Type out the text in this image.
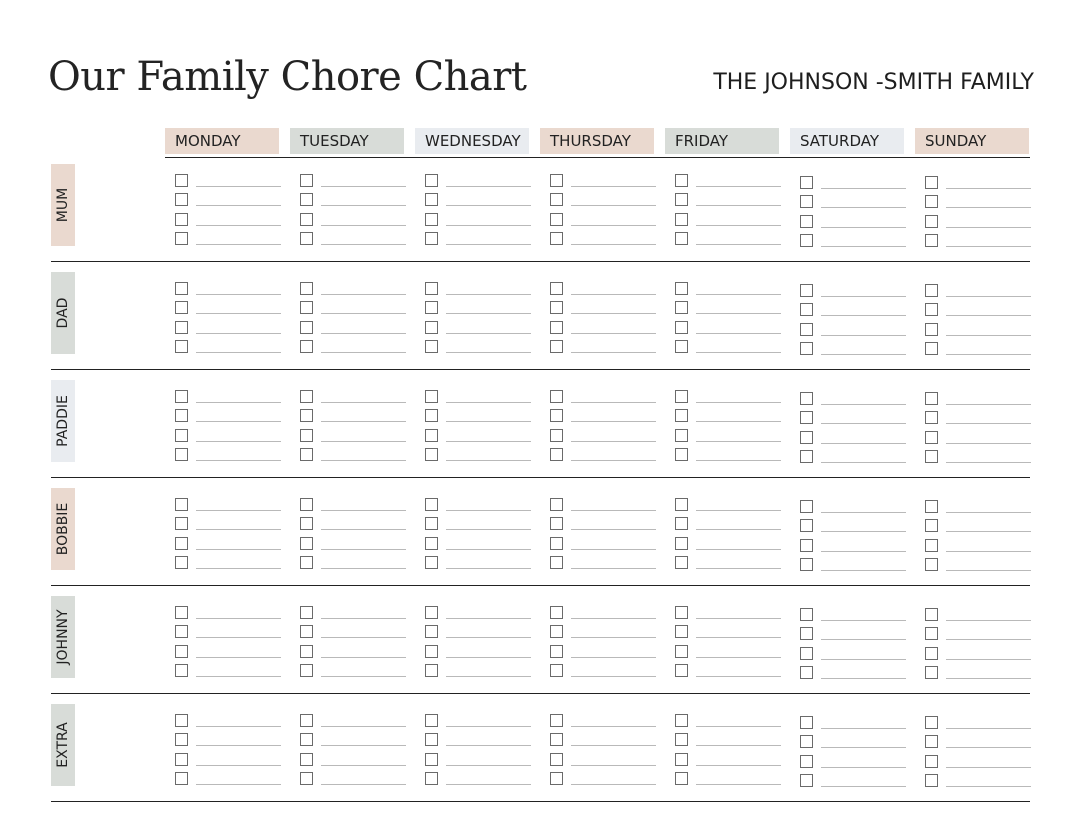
Our Family Chore Chart	THE JOHNSON -SMITH FAMILY
MONDAY	TUESDAY	WEDNESDAY	THURSDAY	FRIDAY	SATURDAY	SUNDAY
MUM
DAD
PADDIE
BOBBIE
JOHNNY
EXTRA
